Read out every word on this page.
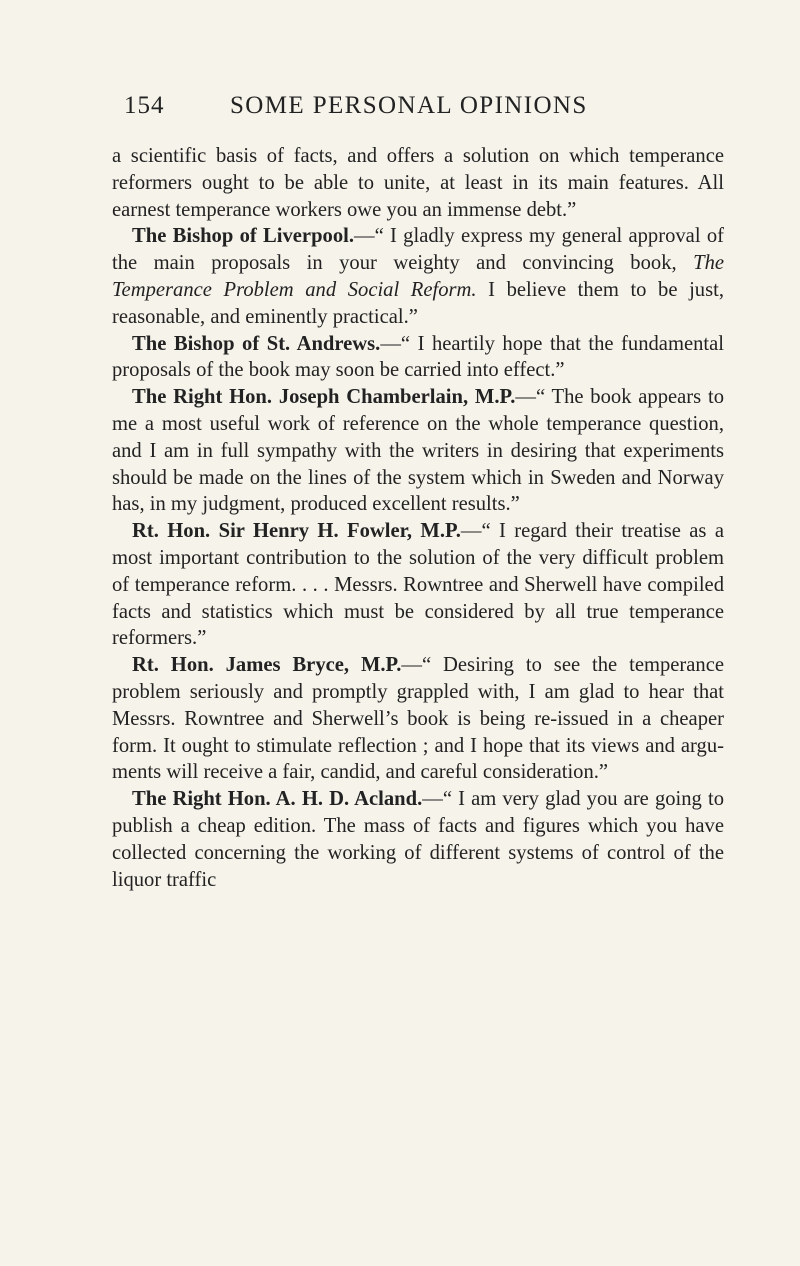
154	SOME PERSONAL OPINIONS

a scientific basis of facts, and offers a solution on which temperance reformers ought to be able to unite, at least in its main features. All earnest temperance workers owe you an immense debt.”

The Bishop of Liverpool.—“ I gladly express my general approval of the main proposals in your weighty and convincing book, The Temperance Problem and Social Reform. I believe them to be just, reasonable, and eminently practical.”

The Bishop of St. Andrews.—“ I heartily hope that the fundamental proposals of the book may soon be carried into effect.”

The Right Hon. Joseph Chamberlain, M.P.—“ The book appears to me a most useful work of reference on the whole temperance question, and I am in full sympathy with the writers in desiring that experiments should be made on the lines of the system which in Sweden and Norway has, in my judgment, produced excellent results.”

Rt. Hon. Sir Henry H. Fowler, M.P.—“ I regard their treatise as a most important contribution to the solution of the very difficult problem of temperance reform. . . . Messrs. Rowntree and Sherwell have compiled facts and statistics which must be considered by all true temperance reformers.”

Rt. Hon. James Bryce, M.P.—“ Desiring to see the temperance problem seriously and promptly grappled with, I am glad to hear that Messrs. Rowntree and Sherwell’s book is being re-issued in a cheaper form. It ought to stimulate reflection ; and I hope that its views and arguments will receive a fair, candid, and careful consideration.”

The Right Hon. A. H. D. Acland.—“ I am very glad you are going to publish a cheap edition. The mass of facts and figures which you have collected concerning the working of different systems of control of the liquor traffic
